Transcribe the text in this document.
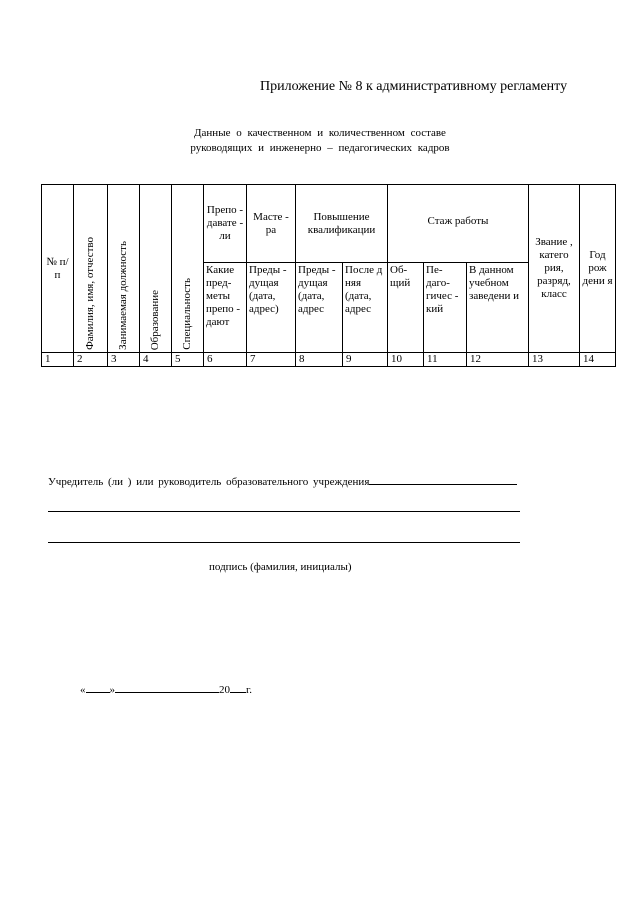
Приложение № 8 к административному регламенту
Данные о качественном и количественном составе
руководящих и инженерно – педагогических кадров
№ п/ п	Фамилия, имя, отчество	Занимаемая должность	Образование	Специальность	Препо - давате - ли	Масте - ра	Повышение квалификации		Стаж работы			Звание , катего рия, разряд, класс	Год рож дени я
					Какие пред- меты препо - дают	Преды - дущая (дата, адрес)	Преды - дущая (дата, адрес	После д няя (дата, адрес	Об- щий	Пе- даго- гичес - кий	В данном учебном заведени и		
1	2	3	4	5	6	7	8	9	10	11	12	13	14
Учредитель (ли ) или руководитель образовательного учреждения
подпись (фамилия, инициалы)
« »	20 г.
